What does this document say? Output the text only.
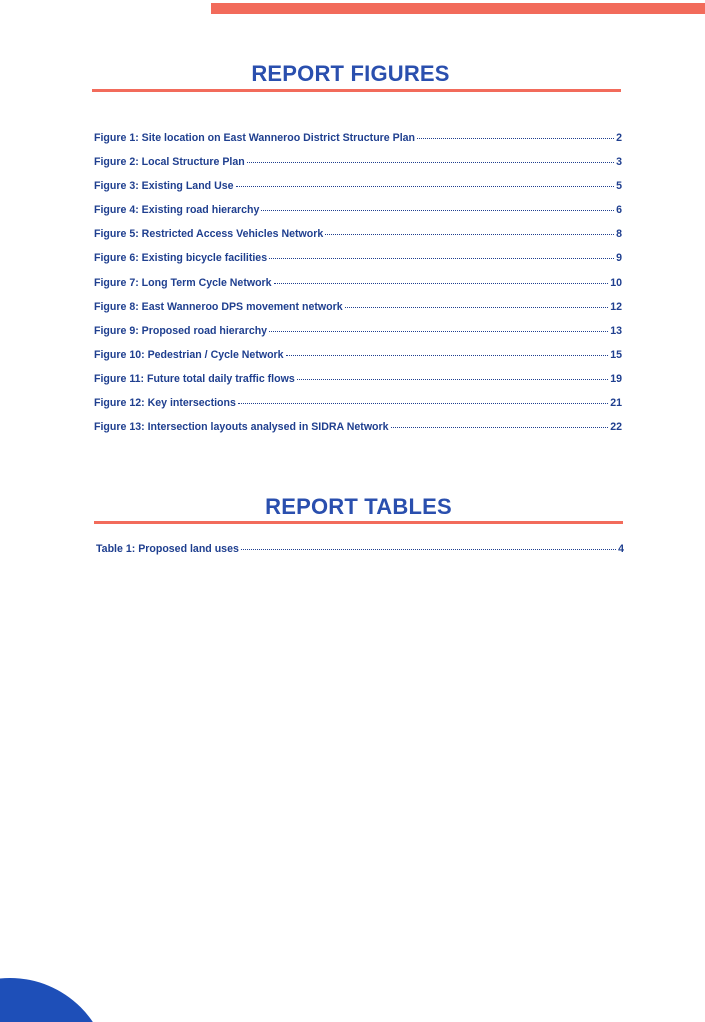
REPORT FIGURES
Figure 1: Site location on East Wanneroo District Structure Plan	2
Figure 2: Local Structure Plan	3
Figure 3: Existing Land Use	5
Figure 4: Existing road hierarchy	6
Figure 5: Restricted Access Vehicles Network	8
Figure 6: Existing bicycle facilities	9
Figure 7: Long Term Cycle Network	10
Figure 8: East Wanneroo DPS movement network	12
Figure 9: Proposed road hierarchy	13
Figure 10: Pedestrian / Cycle Network	15
Figure 11: Future total daily traffic flows	19
Figure 12: Key intersections	21
Figure 13: Intersection layouts analysed in SIDRA Network	22
REPORT TABLES
Table 1: Proposed land uses	4
